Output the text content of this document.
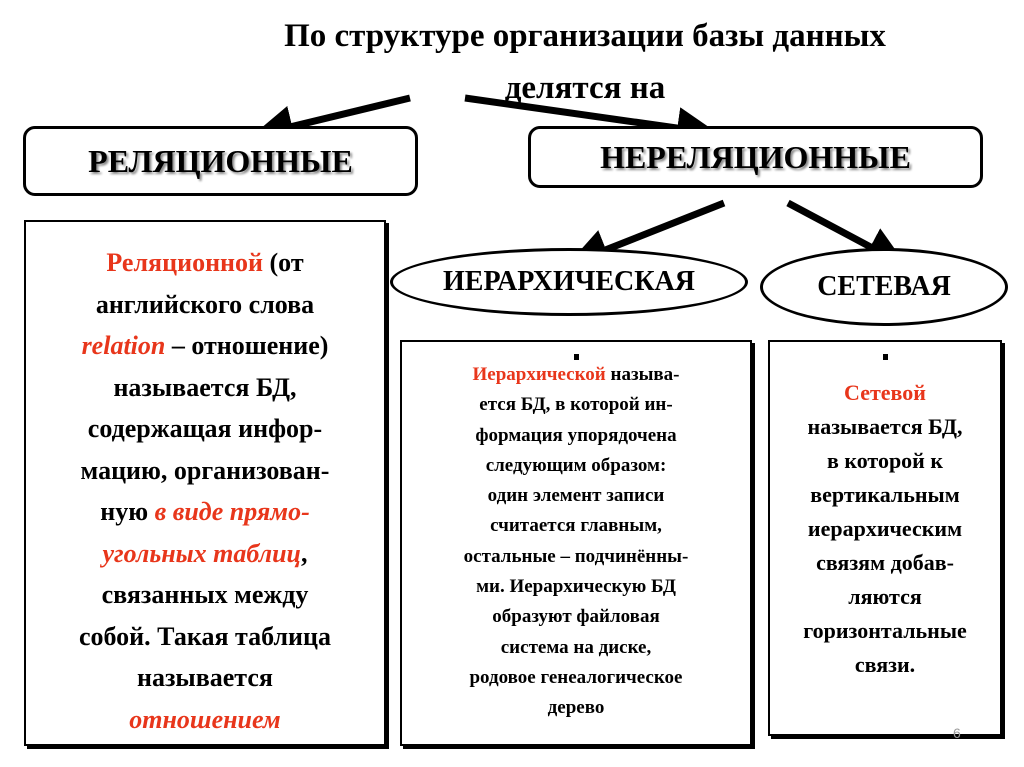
По структуре организации базы данных
делятся на
РЕЛЯЦИОННЫЕ	НЕРЕЛЯЦИОННЫЕ
ИЕРАРХИЧЕСКАЯ	СЕТЕВАЯ
Реляционной (от
английского слова
relation – отношение)
называется БД,
содержащая инфор-
мацию, организован-
ную в виде прямо-
угольных таблиц,
связанных между
собой. Такая таблица
называется
отношением
Иерархической называ-
ется БД, в которой ин-
формация упорядочена
следующим образом:
один элемент записи
считается главным,
остальные – подчинённы-
ми. Иерархическую БД
образуют файловая
система на диске,
родовое генеалогическое
дерево
Сетевой
называется БД,
в которой к
вертикальным
иерархическим
связям добав-
ляются
горизонтальные
связи.
6
